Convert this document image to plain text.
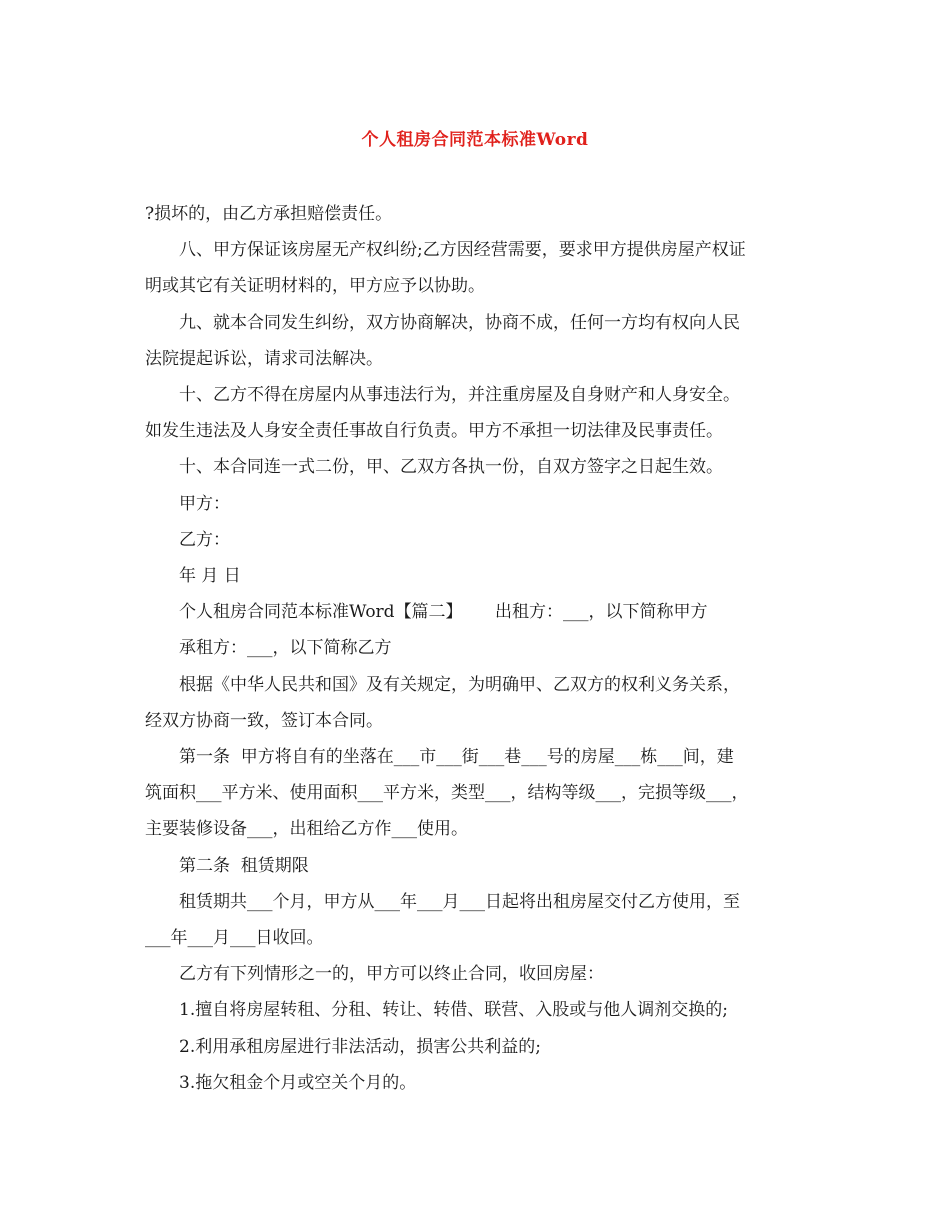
个人租房合同范本标准Word

?损坏的，由乙方承担赔偿责任。

八、甲方保证该房屋无产权纠纷;乙方因经营需要，要求甲方提供房屋产权证

明或其它有关证明材料的，甲方应予以协助。

九、就本合同发生纠纷，双方协商解决，协商不成，任何一方均有权向人民

法院提起诉讼，请求司法解决。

十、乙方不得在房屋内从事违法行为，并注重房屋及自身财产和人身安全。

如发生违法及人身安全责任事故自行负责。甲方不承担一切法律及民事责任。

十、本合同连一式二份，甲、乙双方各执一份，自双方签字之日起生效。

甲方：

乙方：

年 月 日

个人租房合同范本标准Word【篇二】      出租方：___，以下简称甲方

承租方：___，以下简称乙方

根据《中华人民共和国》及有关规定，为明确甲、乙双方的权利义务关系，

经双方协商一致，签订本合同。

第一条  甲方将自有的坐落在___市___街___巷___号的房屋___栋___间，建

筑面积___平方米、使用面积___平方米，类型___，结构等级___，完损等级___，

主要装修设备___，出租给乙方作___使用。

第二条  租赁期限

租赁期共___个月，甲方从___年___月___日起将出租房屋交付乙方使用，至

___年___月___日收回。

乙方有下列情形之一的，甲方可以终止合同，收回房屋：

1.擅自将房屋转租、分租、转让、转借、联营、入股或与他人调剂交换的;

2.利用承租房屋进行非法活动，损害公共利益的;

3.拖欠租金个月或空关个月的。
